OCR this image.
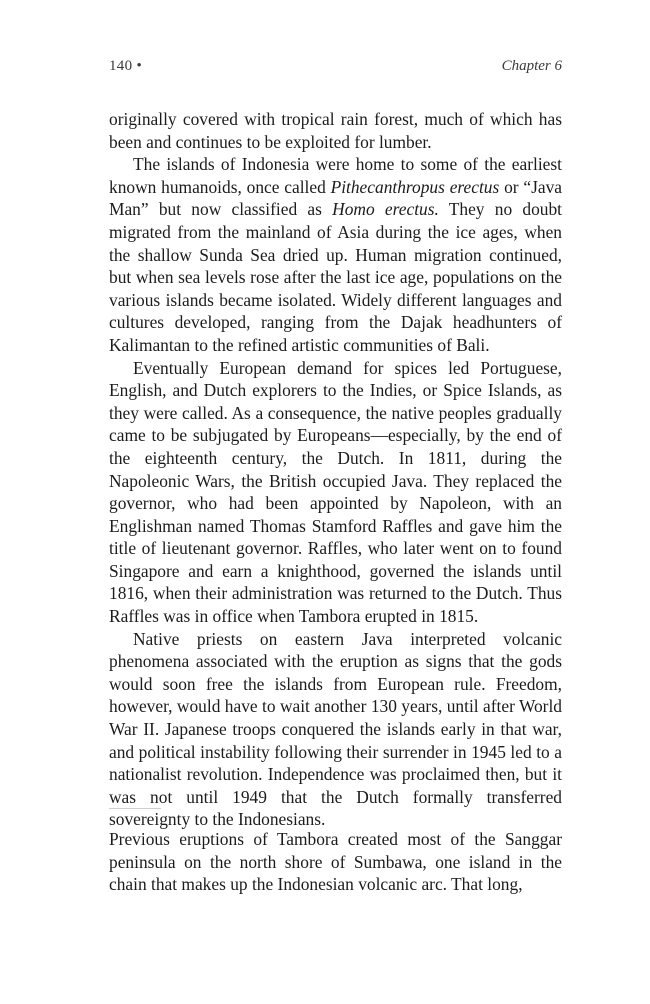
140 •	Chapter 6

originally covered with tropical rain forest, much of which has been and continues to be exploited for lumber.

The islands of Indonesia were home to some of the earliest known humanoids, once called Pithecanthropus erectus or “Java Man” but now classified as Homo erectus. They no doubt migrated from the mainland of Asia during the ice ages, when the shallow Sunda Sea dried up. Human migration continued, but when sea levels rose after the last ice age, populations on the various islands became isolated. Widely different languages and cultures developed, ranging from the Dajak headhunters of Kalimantan to the refined artistic communities of Bali.

Eventually European demand for spices led Portuguese, English, and Dutch explorers to the Indies, or Spice Islands, as they were called. As a consequence, the native peoples gradually came to be subjugated by Europeans—especially, by the end of the eighteenth century, the Dutch. In 1811, during the Napoleonic Wars, the British occupied Java. They replaced the governor, who had been appointed by Napoleon, with an Englishman named Thomas Stamford Raffles and gave him the title of lieutenant governor. Raffles, who later went on to found Singapore and earn a knighthood, governed the islands until 1816, when their administration was returned to the Dutch. Thus Raffles was in office when Tambora erupted in 1815.

Native priests on eastern Java interpreted volcanic phenomena associated with the eruption as signs that the gods would soon free the islands from European rule. Freedom, however, would have to wait another 130 years, until after World War II. Japanese troops conquered the islands early in that war, and political instability following their surrender in 1945 led to a nationalist revolution. Independence was proclaimed then, but it was not until 1949 that the Dutch formally transferred sovereignty to the Indonesians.

Previous eruptions of Tambora created most of the Sanggar peninsula on the north shore of Sumbawa, one island in the chain that makes up the Indonesian volcanic arc. That long,
